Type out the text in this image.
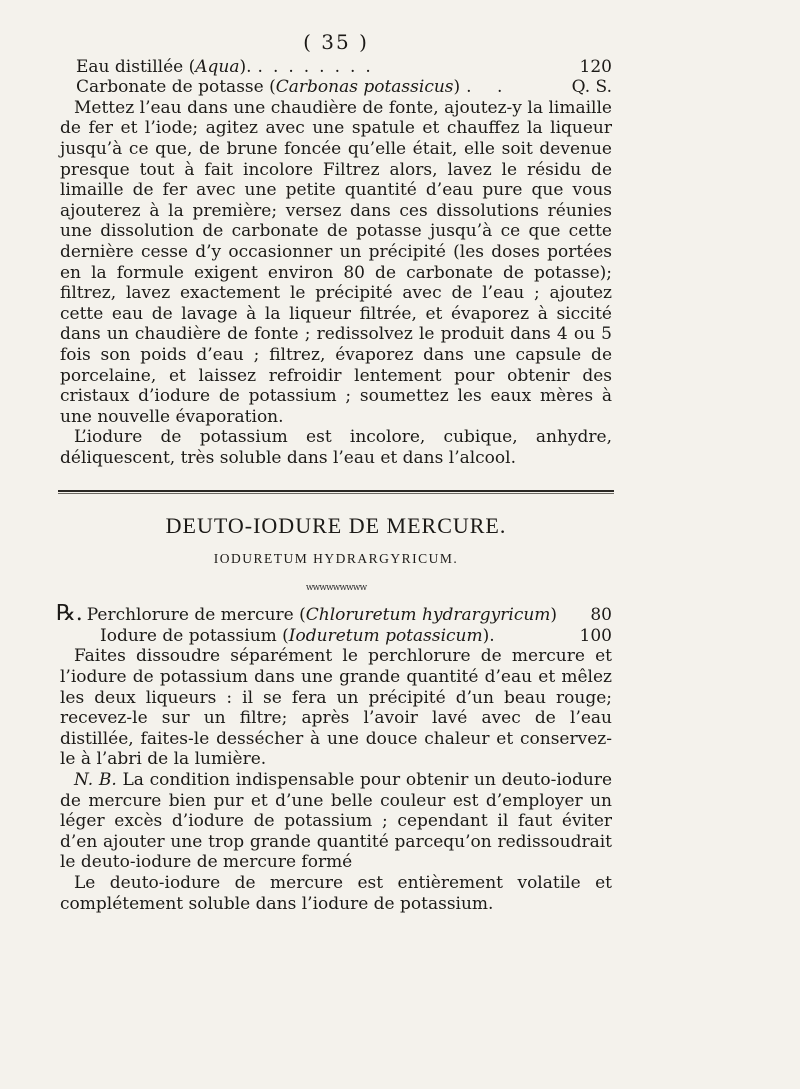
( 35 )
Eau distillée (Aqua). ........	120
Carbonate de potasse (Carbonas potassicus) . .	Q. S.

Mettez l’eau dans une chaudière de fonte, ajoutez-y la limaille de fer et l’iode; agitez avec une spatule et chauffez la liqueur jusqu’à ce que, de brune foncée qu’elle était, elle soit devenue presque tout à fait incolore Filtrez alors, lavez le résidu de limaille de fer avec une petite quantité d’eau pure que vous ajouterez à la première; versez dans ces dissolutions réunies une dissolution de carbonate de potasse jusqu’à ce que cette dernière cesse d’y occasionner un précipité (les doses portées en la formule exigent environ 80 de carbonate de potasse); filtrez, lavez exactement le précipité avec de l’eau ; ajoutez cette eau de lavage à la liqueur filtrée, et évaporez à siccité dans un chaudière de fonte ; redissolvez le produit dans 4 ou 5 fois son poids d’eau ; filtrez, évaporez dans une capsule de porcelaine, et laissez refroidir lentement pour obtenir des cristaux d’iodure de potassium ; soumettez les eaux mères à une nouvelle évaporation.

L’iodure de potassium est incolore, cubique, anhydre, déliquescent, très soluble dans l’eau et dans l’alcool.

DEUTO-IODURE DE MERCURE.
IODURETUM HYDRARGYRICUM.
wwwwwwwww
℞. Perchlorure de mercure (Chloruretum hydrargyricum)	80
Iodure de potassium (Ioduretum potassicum).	100

Faites dissoudre séparément le perchlorure de mercure et l’iodure de potassium dans une grande quantité d’eau et mêlez les deux liqueurs : il se fera un précipité d’un beau rouge; recevez-le sur un filtre; après l’avoir lavé avec de l’eau distillée, faites-le dessécher à une douce chaleur et conservez-le à l’abri de la lumière.

N. B. La condition indispensable pour obtenir un deuto-iodure de mercure bien pur et d’une belle couleur est d’employer un léger excès d’iodure de potassium ; cependant il faut éviter d’en ajouter une trop grande quantité parcequ’on redissoudrait le deuto-iodure de mercure formé

Le deuto-iodure de mercure est entièrement volatile et complétement soluble dans l’iodure de potassium.
